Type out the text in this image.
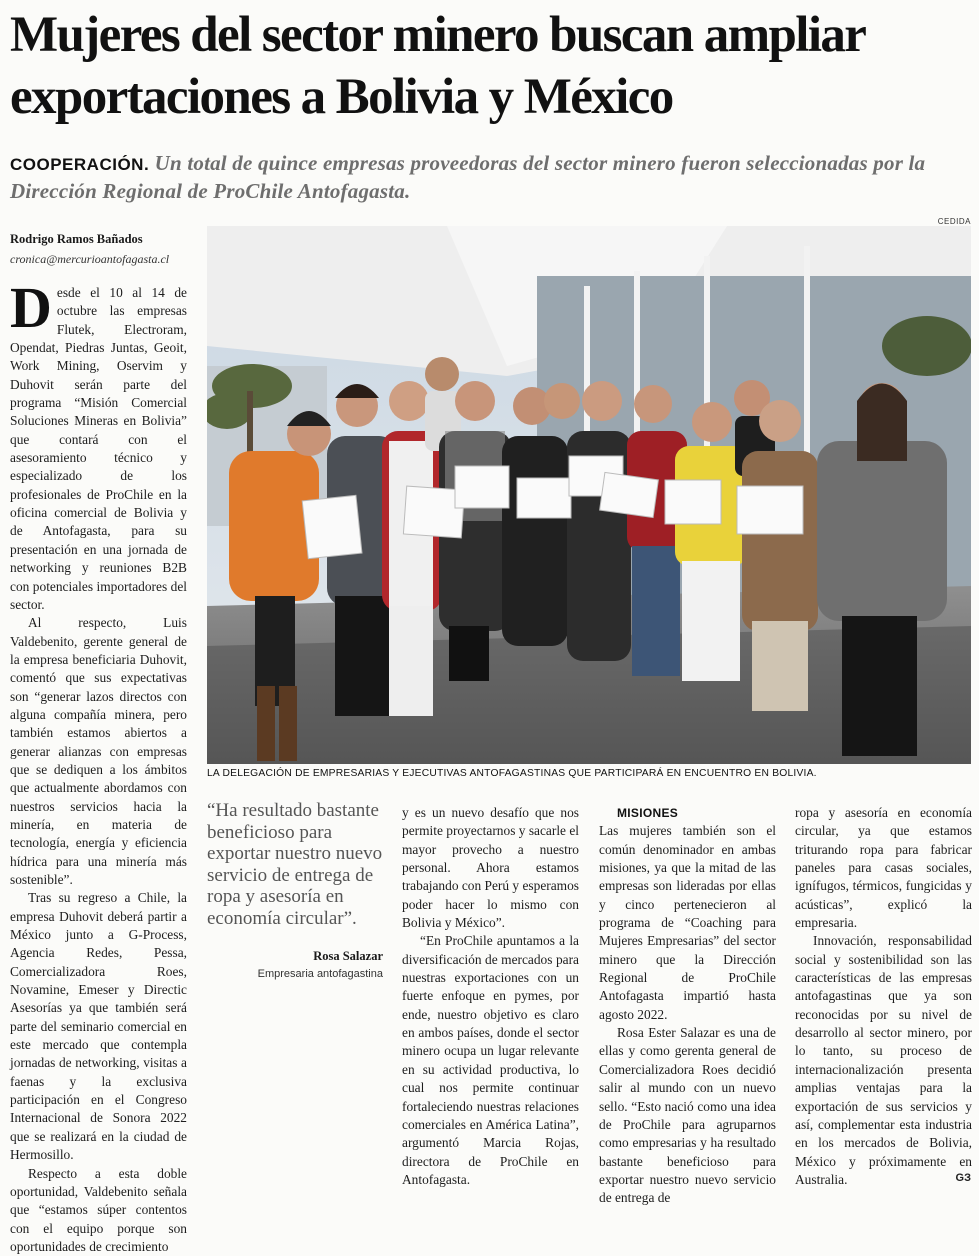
Mujeres del sector minero buscan ampliar exportaciones a Bolivia y México
COOPERACIÓN. Un total de quince empresas proveedoras del sector minero fueron seleccionadas por la Dirección Regional de ProChile Antofagasta.
CEDIDA
Rodrigo Ramos Bañados
cronica@mercurioantofagasta.cl

Desde el 10 al 14 de octubre las empresas Flutek, Electroram, Opendat, Piedras Juntas, Geoit, Work Mining, Oservim y Duhovit serán parte del programa “Misión Comercial Soluciones Mineras en Bolivia” que contará con el asesoramiento técnico y especializado de los profesionales de ProChile en la oficina comercial de Bolivia y de Antofagasta, para su presentación en una jornada de networking y reuniones B2B con potenciales importadores del sector.

Al respecto, Luis Valdebenito, gerente general de la empresa beneficiaria Duhovit, comentó que sus expectativas son “generar lazos directos con alguna compañía minera, pero también estamos abiertos a generar alianzas con empresas que se dediquen a los ámbitos que actualmente abordamos con nuestros servicios hacia la minería, en materia de tecnología, energía y eficiencia hídrica para una minería más sostenible”.

Tras su regreso a Chile, la empresa Duhovit deberá partir a México junto a G-Process, Agencia Redes, Pessa, Comercializadora Roes, Novamine, Emeser y Directic Asesorías ya que también será parte del seminario comercial en este mercado que contempla jornadas de networking, visitas a faenas y la exclusiva participación en el Congreso Internacional de Sonora 2022 que se realizará en la ciudad de Hermosillo.

Respecto a esta doble oportunidad, Valdebenito señala que “estamos súper contentos con el equipo porque son oportunidades de crecimiento

LA DELEGACIÓN DE EMPRESARIAS Y EJECUTIVAS ANTOFAGASTINAS QUE PARTICIPARÁ EN ENCUENTRO EN BOLIVIA.
“Ha resultado bastante beneficioso para exportar nuestro nuevo servicio de entrega de ropa y asesoría en economía circular”.
Rosa Salazar
Empresaria antofagastina

y es un nuevo desafío que nos permite proyectarnos y sacarle el mayor provecho a nuestro personal. Ahora estamos trabajando con Perú y esperamos poder hacer lo mismo con Bolivia y México”.

“En ProChile apuntamos a la diversificación de mercados para nuestras exportaciones con un fuerte enfoque en pymes, por ende, nuestro objetivo es claro en ambos países, donde el sector minero ocupa un lugar relevante en su actividad productiva, lo cual nos permite continuar fortaleciendo nuestras relaciones comerciales en América Latina”, argumentó Marcia Rojas, directora de ProChile en Antofagasta.

MISIONES

Las mujeres también son el común denominador en ambas misiones, ya que la mitad de las empresas son lideradas por ellas y cinco pertenecieron al programa de “Coaching para Mujeres Empresarias” del sector minero que la Dirección Regional de ProChile Antofagasta impartió hasta agosto 2022.

Rosa Ester Salazar es una de ellas y como gerenta general de Comercializadora Roes decidió salir al mundo con un nuevo sello. “Esto nació como una idea de ProChile para agruparnos como empresarias y ha resultado bastante beneficioso para exportar nuestro nuevo servicio de entrega de

ropa y asesoría en economía circular, ya que estamos triturando ropa para fabricar paneles para casas sociales, ignífugos, térmicos, fungicidas y acústicas”, explicó la empresaria.

Innovación, responsabilidad social y sostenibilidad son las características de las empresas antofagastinas que ya son reconocidas por su nivel de desarrollo al sector minero, por lo tanto, su proceso de internacionalización presenta amplias ventajas para la exportación de sus servicios y así, complementar esta industria en los mercados de Bolivia, México y próximamente en Australia.	GЗ
